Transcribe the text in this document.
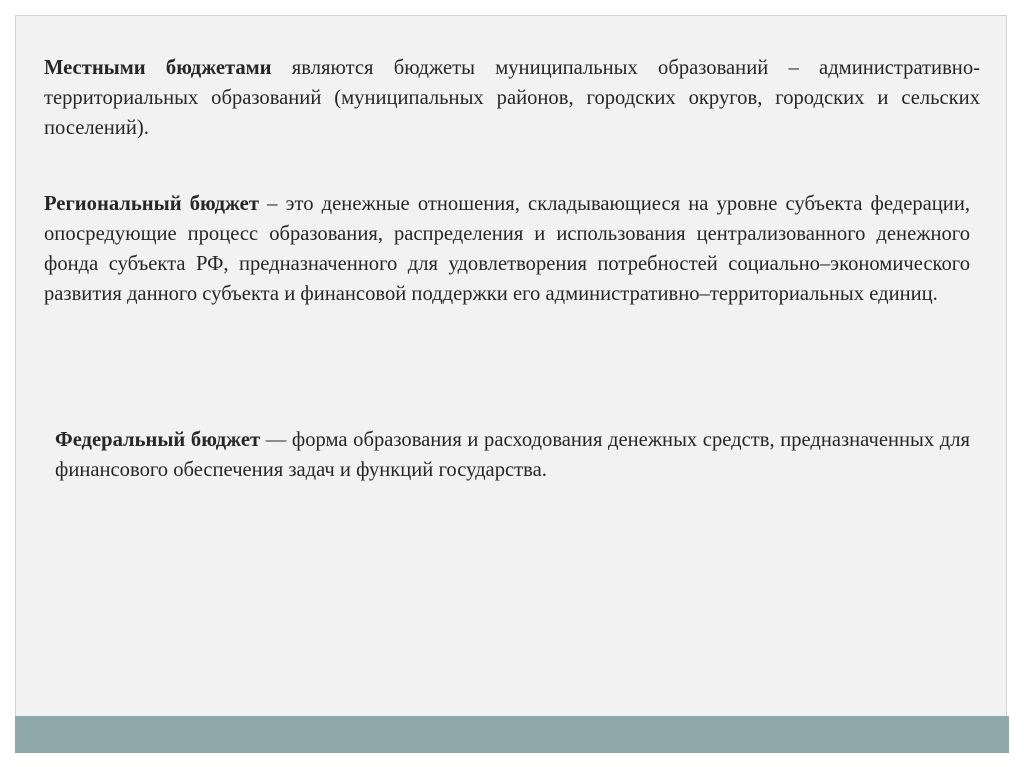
Местными бюджетами являются бюджеты муниципальных образований – административно-территориальных образований (муниципальных районов, городских округов, городских и сельских поселений).

Региональный бюджет – это денежные отношения, складывающиеся на уровне субъекта федерации, опосредующие процесс образования, распределения и использования централизованного денежного фонда субъекта РФ, предназначенного для удовлетворения потребностей социально–экономического развития данного субъекта и финансовой поддержки его административно–территориальных единиц.

Федеральный бюджет — форма образования и расходования денежных средств, предназначенных для финансового обеспечения задач и функций государства.
